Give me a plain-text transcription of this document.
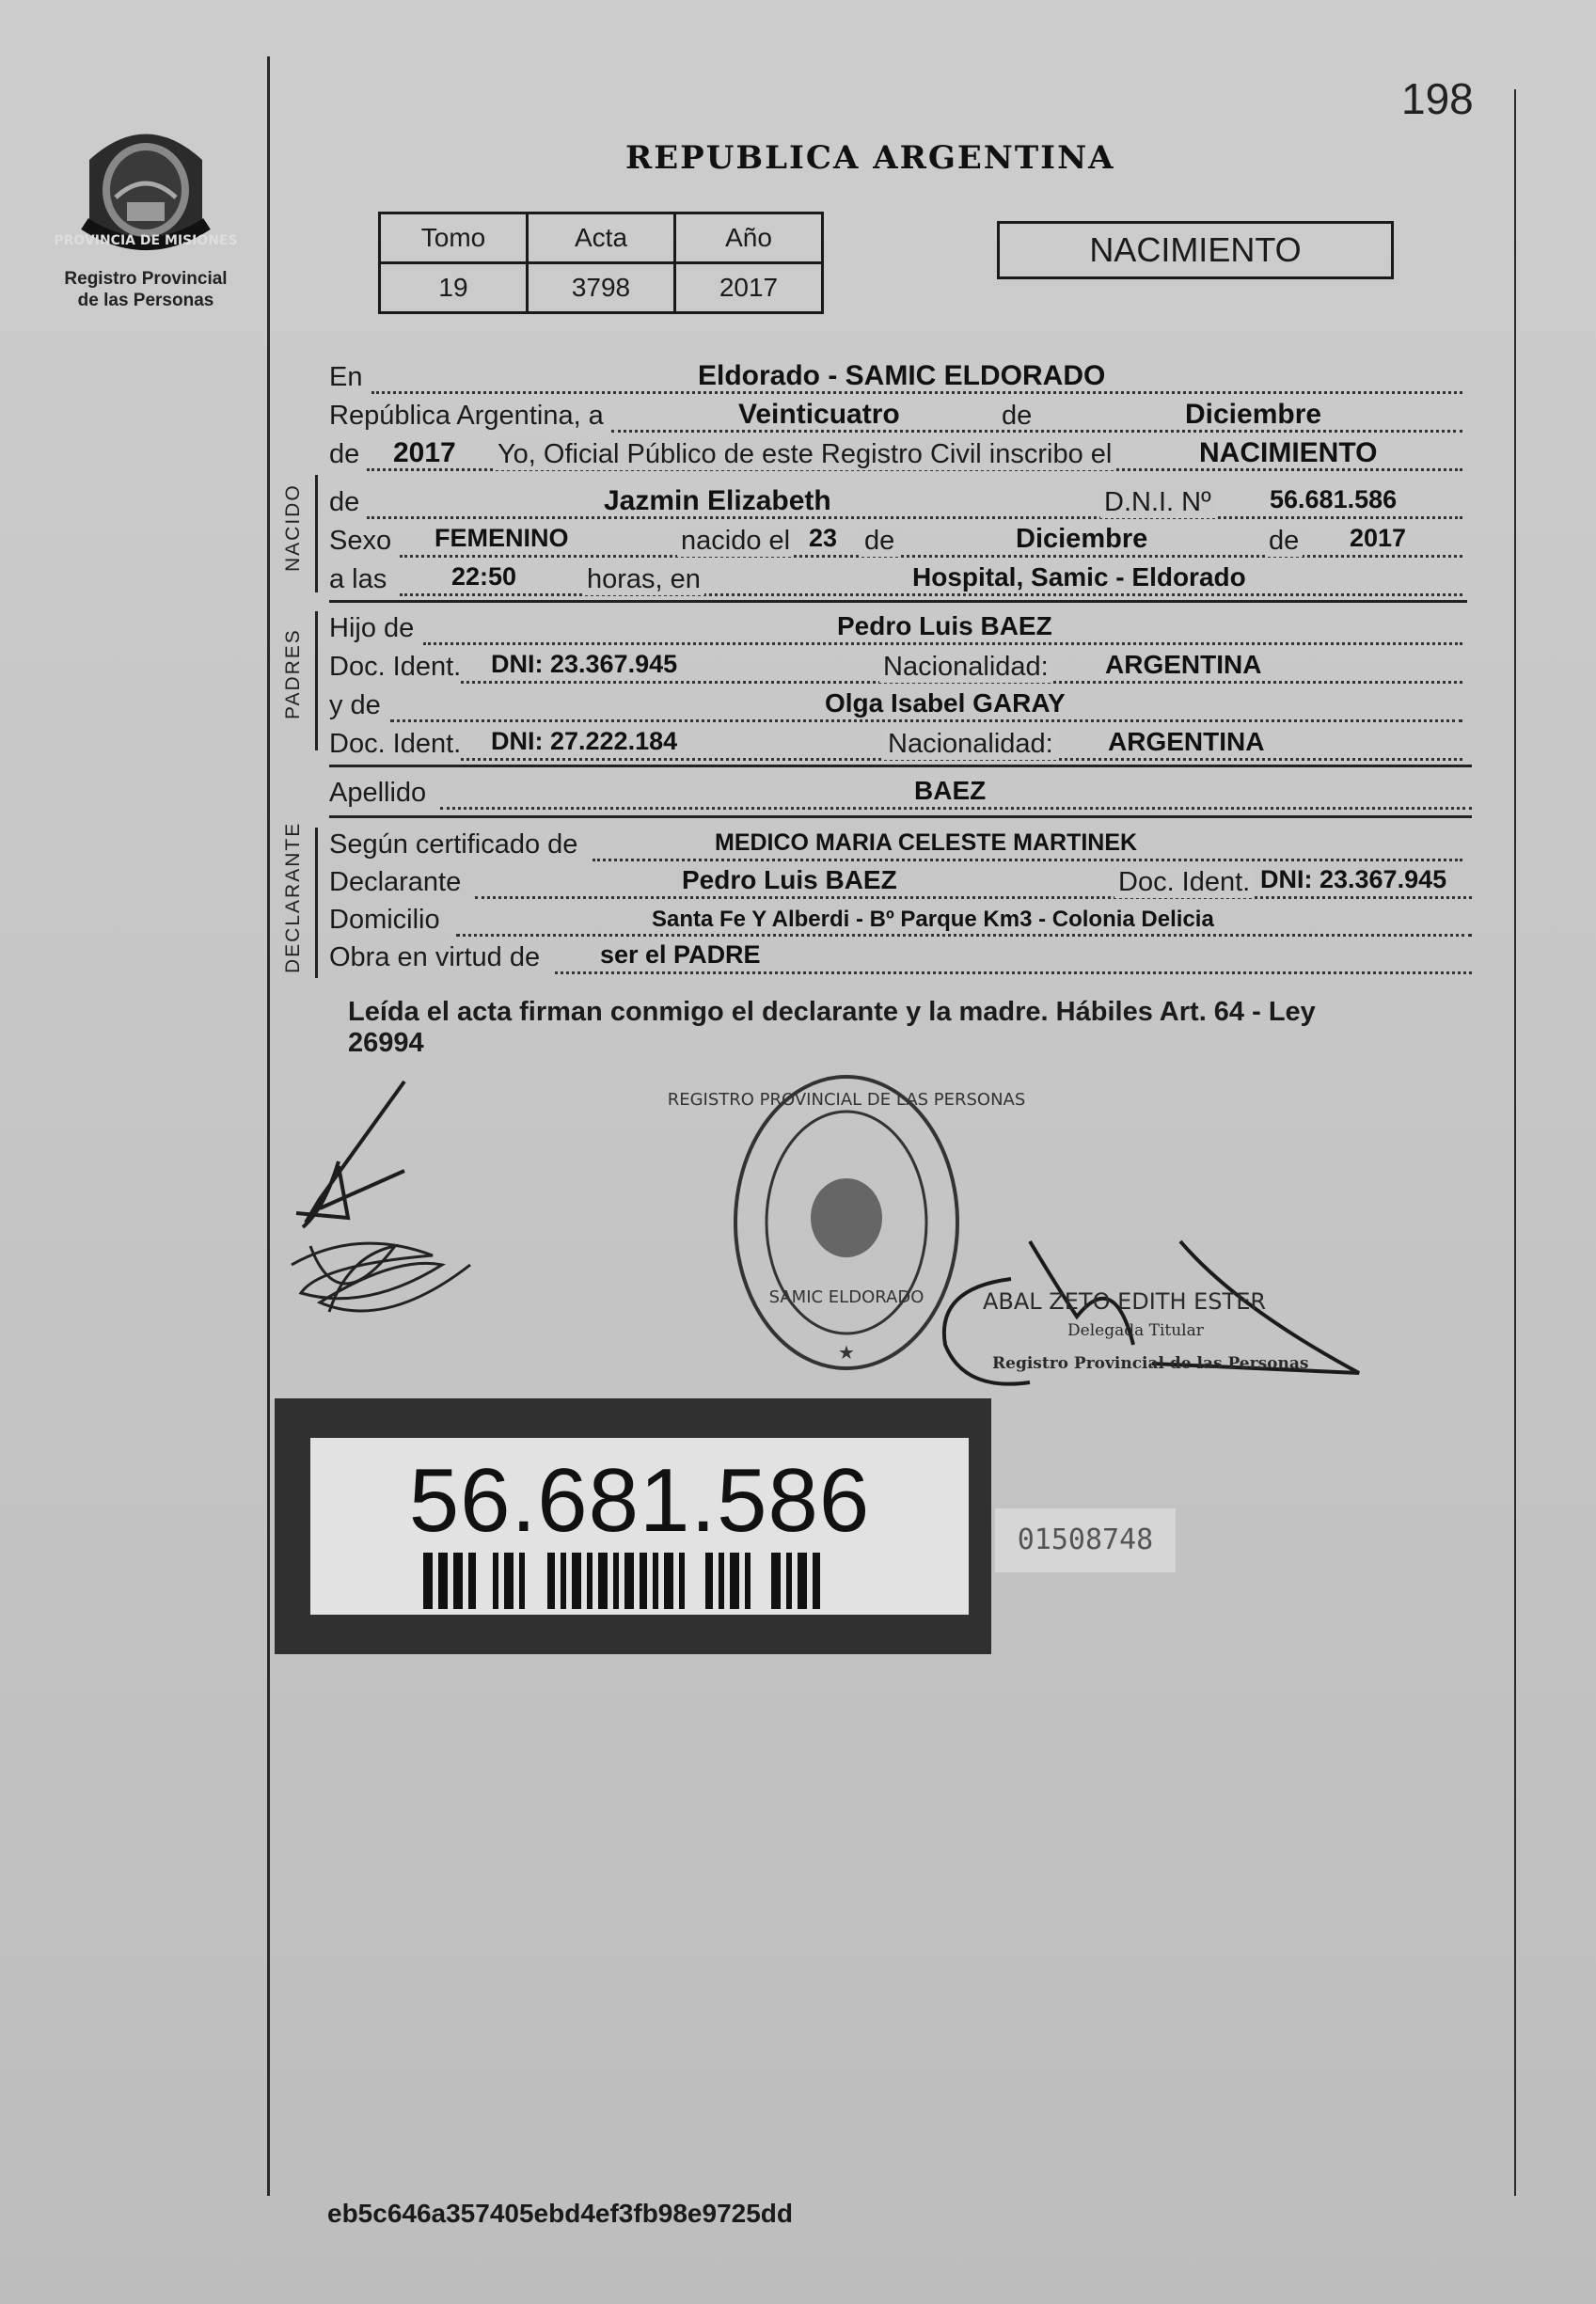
PROVINCIA DE MISIONES
Registro Provincial
de las Personas
198
REPUBLICA ARGENTINA
Tomo	Acta	Año
19	3798	2017
NACIMIENTO
En	Eldorado - SAMIC ELDORADO
República Argentina, a	Veinticuatro	de	Diciembre
de 2017 Yo, Oficial Público de este Registro Civil inscribo el	NACIMIENTO
NACIDO de	Jazmin Elizabeth	D.N.I. Nº 56.681.586
Sexo FEMENINO	nacido el 23 de	Diciembre	de 2017
a las	22:50	horas, en	Hospital, Samic - Eldorado
PADRES
Hijo de	Pedro Luis BAEZ
Doc. Ident. DNI: 23.367.945	Nacionalidad: ARGENTINA
y de	Olga Isabel GARAY
Doc. Ident. DNI: 27.222.184	Nacionalidad: ARGENTINA
Apellido	BAEZ
DECLARANTE Según certificado de	MEDICO MARIA CELESTE MARTINEK
Declarante	Pedro Luis BAEZ	Doc. Ident. DNI: 23.367.945
Domicilio	Santa Fe Y Alberdi - Bº Parque Km3 - Colonia Delicia
Obra en virtud de ser el PADRE
Leída el acta firman conmigo el declarante y la madre. Hábiles Art. 64 - Ley
26994
REGISTRO PROVINCIAL DE LAS PERSONAS
SAMIC ELDORADO
★
ABAL ZETO EDITH ESTER
Delegada Titular
Registro Provincial de las Personas
56.681.586	01508748
eb5c646a357405ebd4ef3fb98e9725dd
